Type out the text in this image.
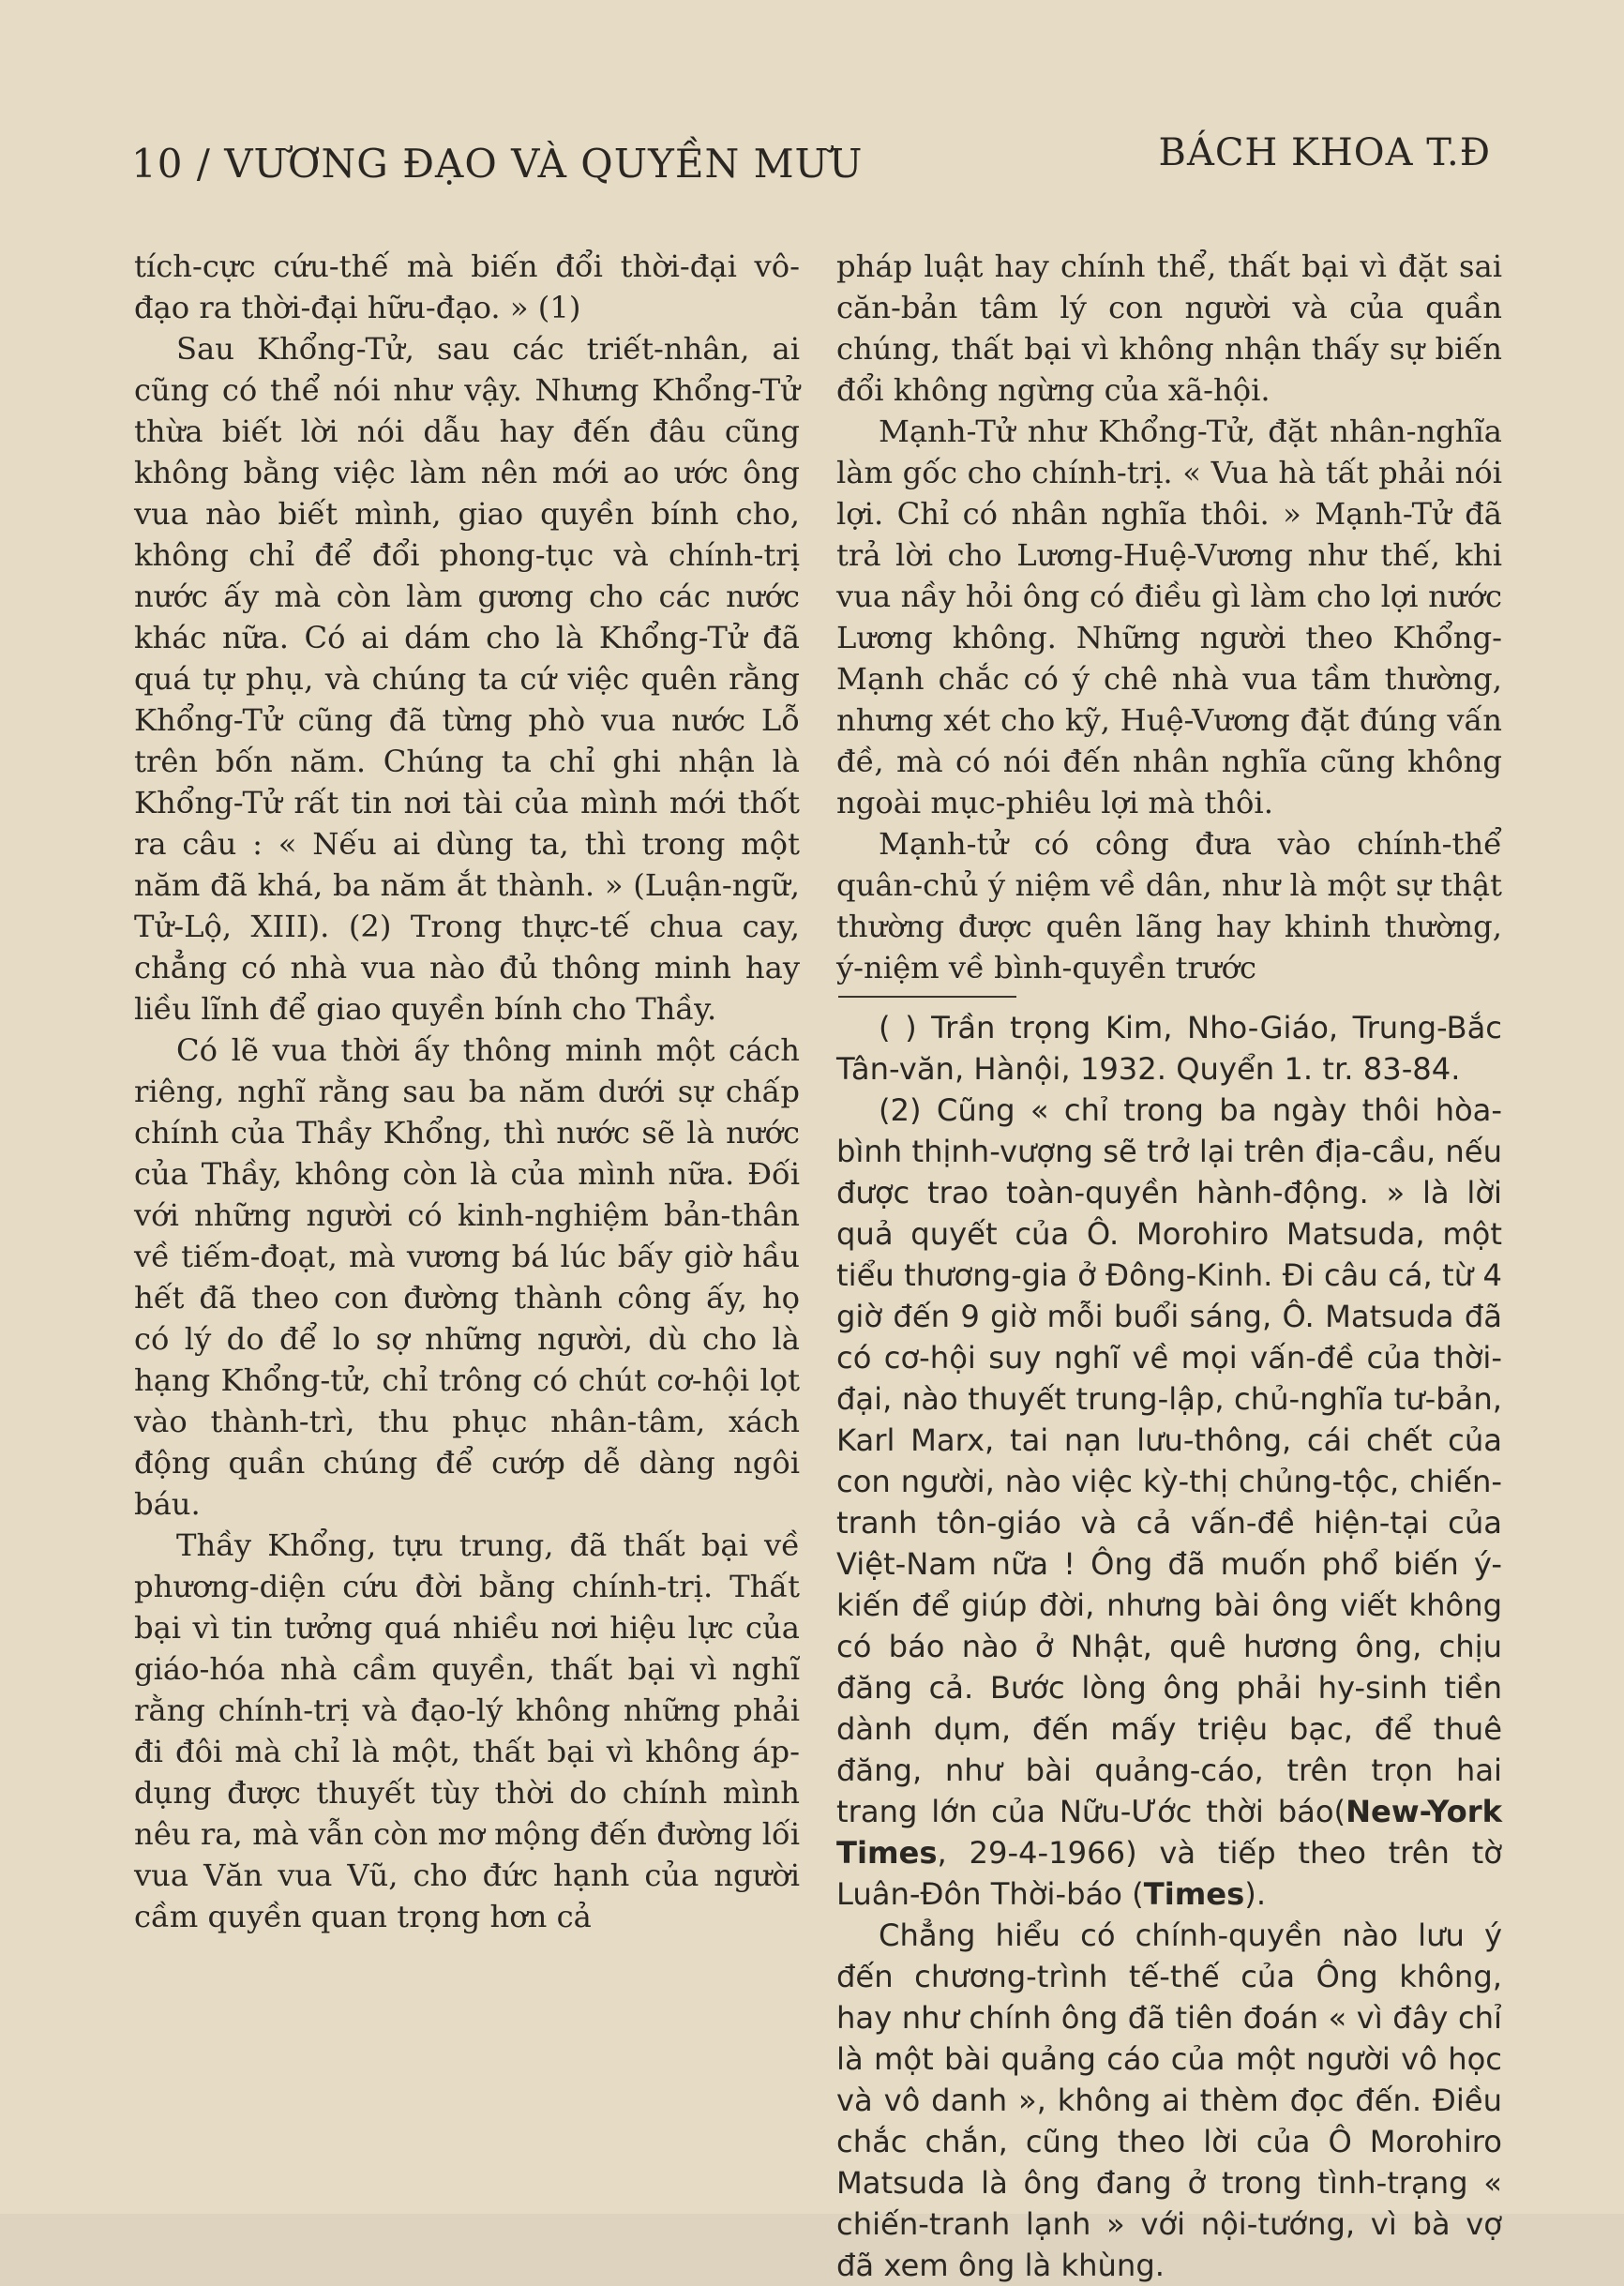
10 / VƯƠNG ĐẠO VÀ QUYỀN MƯU	BÁCH KHOA T.Đ

tích-cực cứu-thế mà biến đổi thời-đại vô-đạo ra thời-đại hữu-đạo. » (1)

Sau Khổng-Tử, sau các triết-nhân, ai cũng có thể nói như vậy. Nhưng Khổng-Tử thừa biết lời nói dẫu hay đến đâu cũng không bằng việc làm nên mới ao ước ông vua nào biết mình, giao quyền bính cho, không chỉ để đổi phong-tục và chính-trị nước ấy mà còn làm gương cho các nước khác nữa. Có ai dám cho là Khổng-Tử đã quá tự phụ, và chúng ta cứ việc quên rằng Khổng-Tử cũng đã từng phò vua nước Lỗ trên bốn năm. Chúng ta chỉ ghi nhận là Khổng-Tử rất tin nơi tài của mình mới thốt ra câu : « Nếu ai dùng ta, thì trong một năm đã khá, ba năm ắt thành. » (Luận-ngữ, Tử-Lộ, XIII). (2) Trong thực-tế chua cay, chẳng có nhà vua nào đủ thông minh hay liều lĩnh để giao quyền bính cho Thầy.

Có lẽ vua thời ấy thông minh một cách riêng, nghĩ rằng sau ba năm dưới sự chấp chính của Thầy Khổng, thì nước sẽ là nước của Thầy, không còn là của mình nữa. Đối với những người có kinh-nghiệm bản-thân về tiếm-đoạt, mà vương bá lúc bấy giờ hầu hết đã theo con đường thành công ấy, họ có lý do để lo sợ những người, dù cho là hạng Khổng-tử, chỉ trông có chút cơ-hội lọt vào thành-trì, thu phục nhân-tâm, xách động quần chúng để cướp dễ dàng ngôi báu.

Thầy Khổng, tựu trung, đã thất bại về phương-diện cứu đời bằng chính-trị. Thất bại vì tin tưởng quá nhiều nơi hiệu lực của giáo-hóa nhà cầm quyền, thất bại vì nghĩ rằng chính-trị và đạo-lý không những phải đi đôi mà chỉ là một, thất bại vì không áp-dụng được thuyết tùy thời do chính mình nêu ra, mà vẫn còn mơ mộng đến đường lối vua Văn vua Vũ, cho đức hạnh của người cầm quyền quan trọng hơn cả

pháp luật hay chính thể, thất bại vì đặt sai căn-bản tâm lý con người và của quần chúng, thất bại vì không nhận thấy sự biến đổi không ngừng của xã-hội.

Mạnh-Tử như Khổng-Tử, đặt nhân-nghĩa làm gốc cho chính-trị. « Vua hà tất phải nói lợi. Chỉ có nhân nghĩa thôi. » Mạnh-Tử đã trả lời cho Lương-Huệ-Vương như thế, khi vua nầy hỏi ông có điều gì làm cho lợi nước Lương không. Những người theo Khổng-Mạnh chắc có ý chê nhà vua tầm thường, nhưng xét cho kỹ, Huệ-Vương đặt đúng vấn đề, mà có nói đến nhân nghĩa cũng không ngoài mục-phiêu lợi mà thôi.

Mạnh-tử có công đưa vào chính-thể quân-chủ ý niệm về dân, như là một sự thật thường được quên lãng hay khinh thường, ý-niệm về bình-quyền trước

( ) Trần trọng Kim, Nho-Giáo, Trung-Bắc Tân-văn, Hànội, 1932. Quyển 1. tr. 83-84.

(2) Cũng « chỉ trong ba ngày thôi hòa-bình thịnh-vượng sẽ trở lại trên địa-cầu, nếu được trao toàn-quyền hành-động. » là lời quả quyết của Ô. Morohiro Matsuda, một tiểu thương-gia ở Đông-Kinh. Đi câu cá, từ 4 giờ đến 9 giờ mỗi buổi sáng, Ô. Matsuda đã có cơ-hội suy nghĩ về mọi vấn-đề của thời-đại, nào thuyết trung-lập, chủ-nghĩa tư-bản, Karl Marx, tai nạn lưu-thông, cái chết của con người, nào việc kỳ-thị chủng-tộc, chiến-tranh tôn-giáo và cả vấn-đề hiện-tại của Việt-Nam nữa ! Ông đã muốn phổ biến ý-kiến để giúp đời, nhưng bài ông viết không có báo nào ở Nhật, quê hương ông, chịu đăng cả. Bước lòng ông phải hy-sinh tiền dành dụm, đến mấy triệu bạc, để thuê đăng, như bài quảng-cáo, trên trọn hai trang lớn của Nữu-Ước thời báo(New-York Times, 29-4-1966) và tiếp theo trên tờ Luân-Đôn Thời-báo (Times).

Chẳng hiểu có chính-quyền nào lưu ý đến chương-trình tế-thế của Ông không, hay như chính ông đã tiên đoán « vì đây chỉ là một bài quảng cáo của một người vô học và vô danh », không ai thèm đọc đến. Điều chắc chắn, cũng theo lời của Ô Morohiro Matsuda là ông đang ở trong tình-trạng « chiến-tranh lạnh » với nội-tướng, vì bà vợ đã xem ông là khùng.
